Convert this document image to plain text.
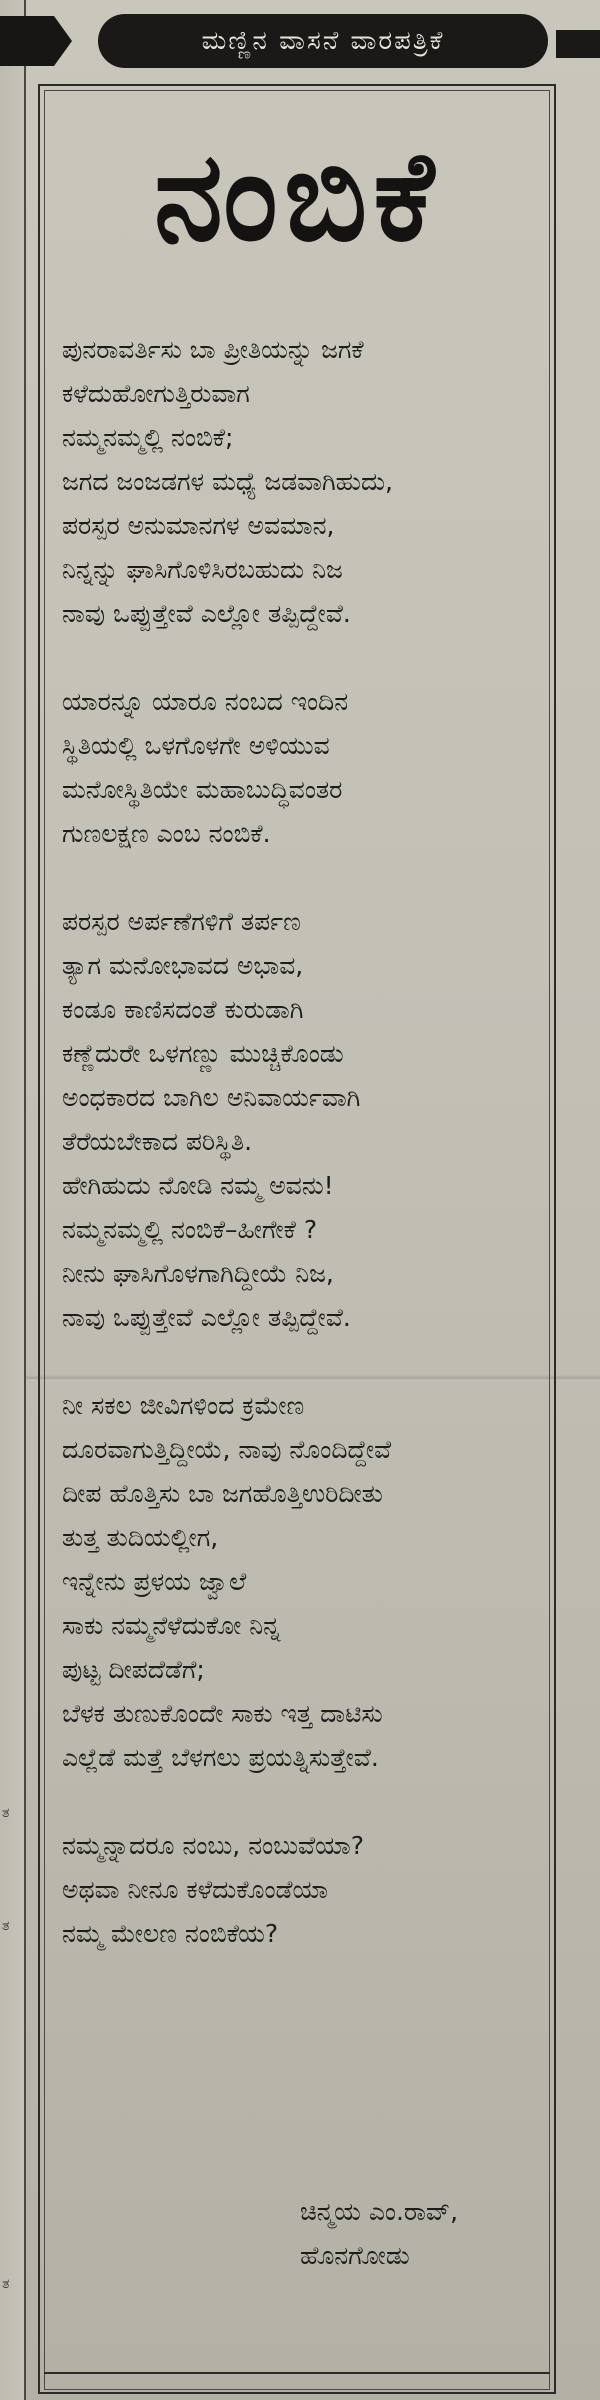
ತ
ತ
ತ
ಮಣ್ಣಿನ ವಾಸನೆ ವಾರಪತ್ರಿಕೆ
ನಂಬಿಕೆ
ಪುನರಾವರ್ತಿಸು ಬಾ ಪ್ರೀತಿಯನ್ನು ಜಗಕೆ
ಕಳೆದುಹೋಗುತ್ತಿರುವಾಗ
ನಮ್ಮನಮ್ಮಲ್ಲಿ ನಂಬಿಕೆ;
ಜಗದ ಜಂಜಡಗಳ ಮಧ್ಯೆ ಜಡವಾಗಿಹುದು,
ಪರಸ್ಪರ ಅನುಮಾನಗಳ ಅವಮಾನ,
ನಿನ್ನನ್ನು ಘಾಸಿಗೊಳಿಸಿರಬಹುದು ನಿಜ
ನಾವು ಒಪ್ಪುತ್ತೇವೆ ಎಲ್ಲೋ ತಪ್ಪಿದ್ದೇವೆ.
ಯಾರನ್ನೂ ಯಾರೂ ನಂಬದ ಇಂದಿನ
ಸ್ಥಿತಿಯಲ್ಲಿ ಒಳಗೊಳಗೇ ಅಳಿಯುವ
ಮನೋಸ್ಥಿತಿಯೇ ಮಹಾಬುದ್ಧಿವಂತರ
ಗುಣಲಕ್ಷಣ ಎಂಬ ನಂಬಿಕೆ.
ಪರಸ್ಪರ ಅರ್ಪಣೆಗಳಿಗೆ ತರ್ಪಣ
ತ್ಯಾಗ ಮನೋಭಾವದ ಅಭಾವ,
ಕಂಡೂ ಕಾಣಿಸದಂತೆ ಕುರುಡಾಗಿ
ಕಣ್ಣೆದುರೇ ಒಳಗಣ್ಣು ಮುಚ್ಚಿಕೊಂಡು
ಅಂಧಕಾರದ ಬಾಗಿಲ ಅನಿವಾರ್ಯವಾಗಿ
ತೆರೆಯಬೇಕಾದ ಪರಿಸ್ಥಿತಿ.
ಹೇಗಿಹುದು ನೋಡಿ ನಮ್ಮ ಅವನು!
ನಮ್ಮನಮ್ಮಲ್ಲಿ ನಂಬಿಕೆ–ಹೀಗೇಕೆ ?
ನೀನು ಘಾಸಿಗೊಳಗಾಗಿದ್ದೀಯೆ ನಿಜ,
ನಾವು ಒಪ್ಪುತ್ತೇವೆ ಎಲ್ಲೋ ತಪ್ಪಿದ್ದೇವೆ.
ನೀ ಸಕಲ ಜೀವಿಗಳಿಂದ ಕ್ರಮೇಣ
ದೂರವಾಗುತ್ತಿದ್ದೀಯೆ, ನಾವು ನೊಂದಿದ್ದೇವೆ
ದೀಪ ಹೊತ್ತಿಸು ಬಾ ಜಗಹೊತ್ತಿಉರಿದೀತು
ತುತ್ತ ತುದಿಯಲ್ಲೀಗ,
ಇನ್ನೇನು ಪ್ರಳಯ ಜ್ವಾಲೆ
ಸಾಕು ನಮ್ಮನೆಳೆದುಕೋ ನಿನ್ನ
ಪುಟ್ಟ ದೀಪದೆಡೆಗೆ;
ಬೆಳಕ ತುಣುಕೊಂದೇ ಸಾಕು ಇತ್ತ ದಾಟಿಸು
ಎಲ್ಲೆಡೆ ಮತ್ತೆ ಬೆಳಗಲು ಪ್ರಯತ್ನಿಸುತ್ತೇವೆ.
ನಮ್ಮನ್ನಾದರೂ ನಂಬು, ನಂಬುವೆಯಾ?
ಅಥವಾ ನೀನೂ ಕಳೆದುಕೊಂಡೆಯಾ
ನಮ್ಮ ಮೇಲಣ ನಂಬಿಕೆಯ?
ಚಿನ್ಮಯ ಎಂ.ರಾವ್,
ಹೊನಗೋಡು
